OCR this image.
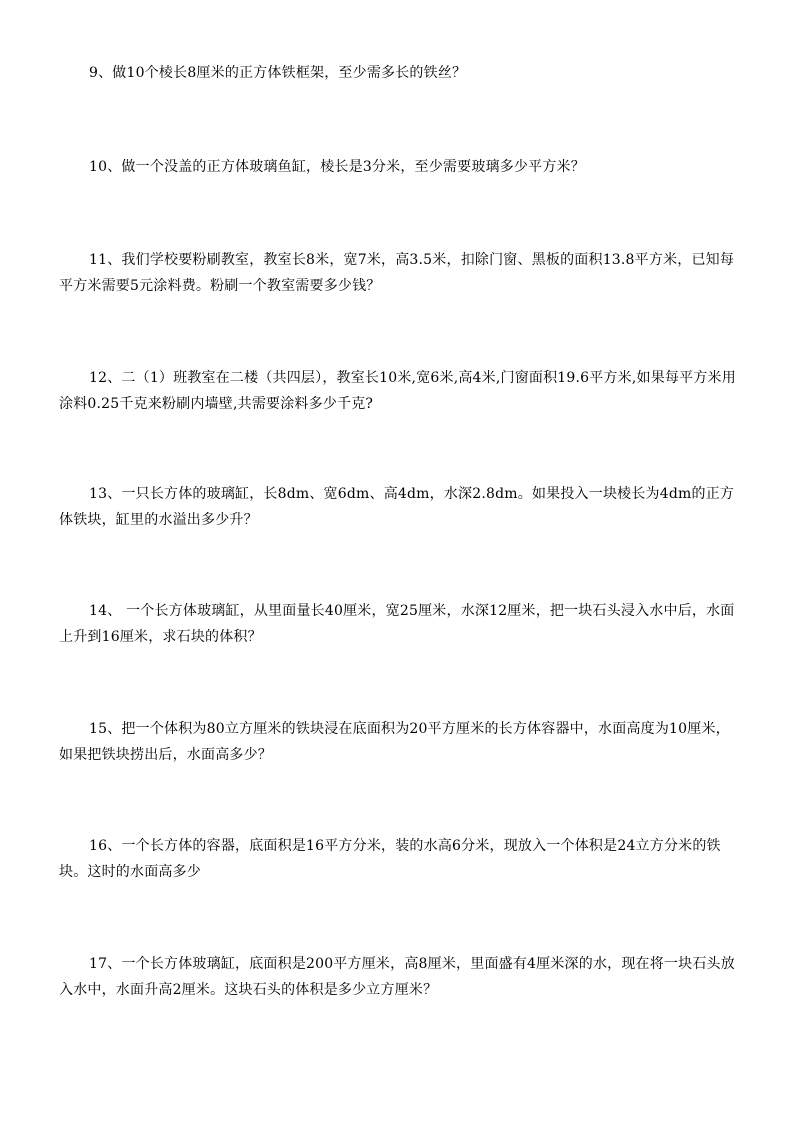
9、做10个棱长8厘米的正方体铁框架，至少需多长的铁丝？

10、做一个没盖的正方体玻璃鱼缸，棱长是3分米，至少需要玻璃多少平方米？

11、我们学校要粉刷教室，教室长8米，宽7米，高3.5米，扣除门窗、黑板的面积13.8平方米，已知每平方米需要5元涂料费。粉刷一个教室需要多少钱？

12、二（1）班教室在二楼（共四层），教室长10米,宽6米,高4米,门窗面积19.6平方米,如果每平方米用涂料0.25千克来粉刷内墙壁,共需要涂料多少千克?

13、一只长方体的玻璃缸，长8dm、宽6dm、高4dm，水深2.8dm。如果投入一块棱长为4dm的正方体铁块，缸里的水溢出多少升？

14、 一个长方体玻璃缸，从里面量长40厘米，宽25厘米，水深12厘米，把一块石头浸入水中后，水面上升到16厘米，求石块的体积？

15、把一个体积为80立方厘米的铁块浸在底面积为20平方厘米的长方体容器中，水面高度为10厘米，如果把铁块捞出后，水面高多少？

16、一个长方体的容器，底面积是16平方分米，装的水高6分米，现放入一个体积是24立方分米的铁块。这时的水面高多少

17、一个长方体玻璃缸，底面积是200平方厘米，高8厘米，里面盛有4厘米深的水，现在将一块石头放入水中，水面升高2厘米。这块石头的体积是多少立方厘米？
